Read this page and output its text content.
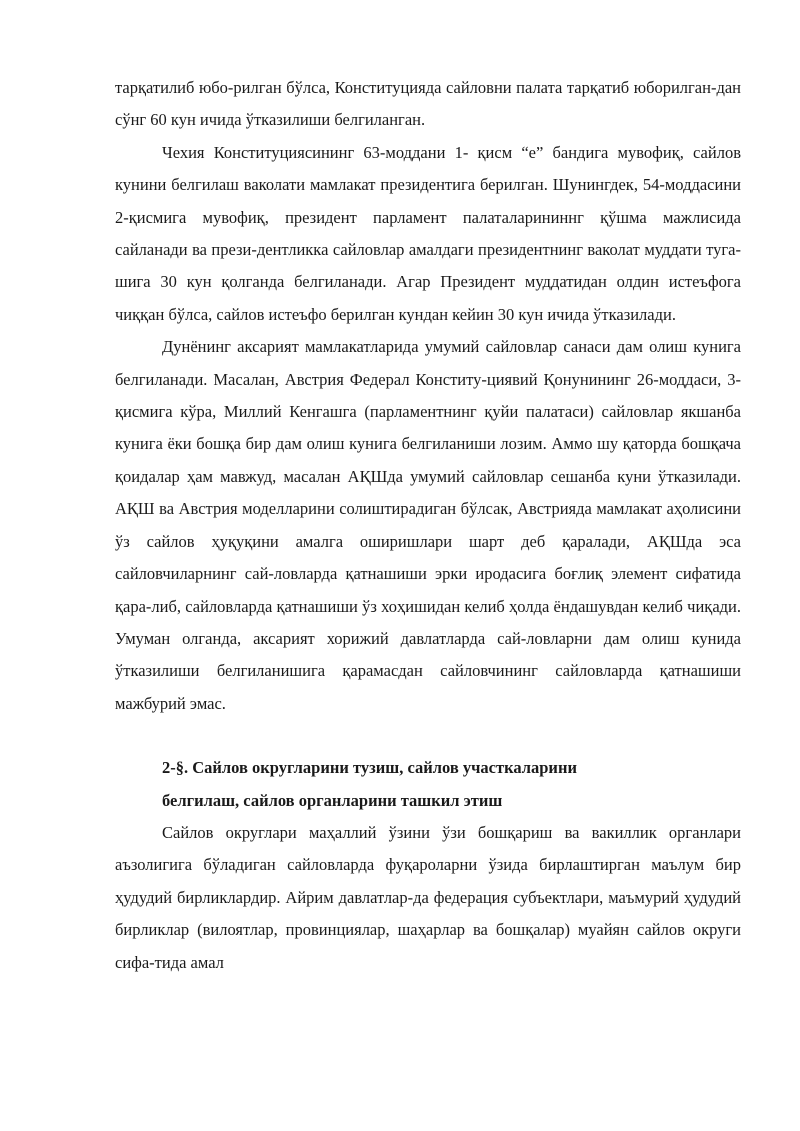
тарқатилиб юбо-рилган бўлса, Конституцияда сайловни палата тарқатиб юборилган-дан сўнг 60 кун ичида ўтказилиши белгиланган.

Чехия Конституциясининг 63-моддани 1- қисм “е” бандига мувофиқ, сайлов кунини белгилаш ваколати мамлакат президентига берилган. Шунингдек, 54-моддасини 2-қисмига мувофиқ, президент парламент палаталарининнг қўшма мажлисида сайланади ва прези-дентликка сайловлар амалдаги президентнинг ваколат муддати туга-шига 30 кун қолганда белгиланади. Агар Президент муддатидан олдин истеъфога чиққан бўлса, сайлов истеъфо берилган кундан кейин 30 кун ичида ўтказилади.

Дунёнинг аксарият мамлакатларида умумий сайловлар санаси дам олиш кунига белгиланади. Масалан, Австрия Федерал Конститу-циявий Қонунининг 26-моддаси, 3-қисмига кўра, Миллий Кенгашга (парламентнинг қуйи палатаси) сайловлар якшанба кунига ёки бошқа бир дам олиш кунига белгиланиши лозим. Аммо шу қаторда бошқача қоидалар ҳам мавжуд, масалан АҚШда умумий сайловлар сешанба куни ўтказилади. АҚШ ва Австрия моделларини солиштирадиган бўлсак, Австрияда мамлакат аҳолисини ўз сайлов ҳуқуқини амалга оширишлари шарт деб қаралади, АҚШда эса сайловчиларнинг сай-ловларда қатнашиши эрки иродасига боғлиқ элемент сифатида қара-либ, сайловларда қатнашиши ўз хоҳишидан келиб ҳолда ёндашувдан келиб чиқади. Умуман олганда, аксарият хорижий давлатларда сай-ловларни дам олиш кунида ўтказилиши белгиланишига қарамасдан сайловчининг сайловларда қатнашиши мажбурий эмас.

2-§. Сайлов округларини тузиш, сайлов участкаларини
белгилаш, сайлов органларини ташкил этиш

Сайлов округлари маҳаллий ўзини ўзи бошқариш ва вакиллик органлари аъзолигига бўладиган сайловларда фуқароларни ўзида бирлаштирган маълум бир ҳудудий бирликлардир. Айрим давлатлар-да федерация субъектлари, маъмурий ҳудудий бирликлар (вилоятлар, провинциялар, шаҳарлар ва бошқалар) муайян сайлов округи сифа-тида амал
